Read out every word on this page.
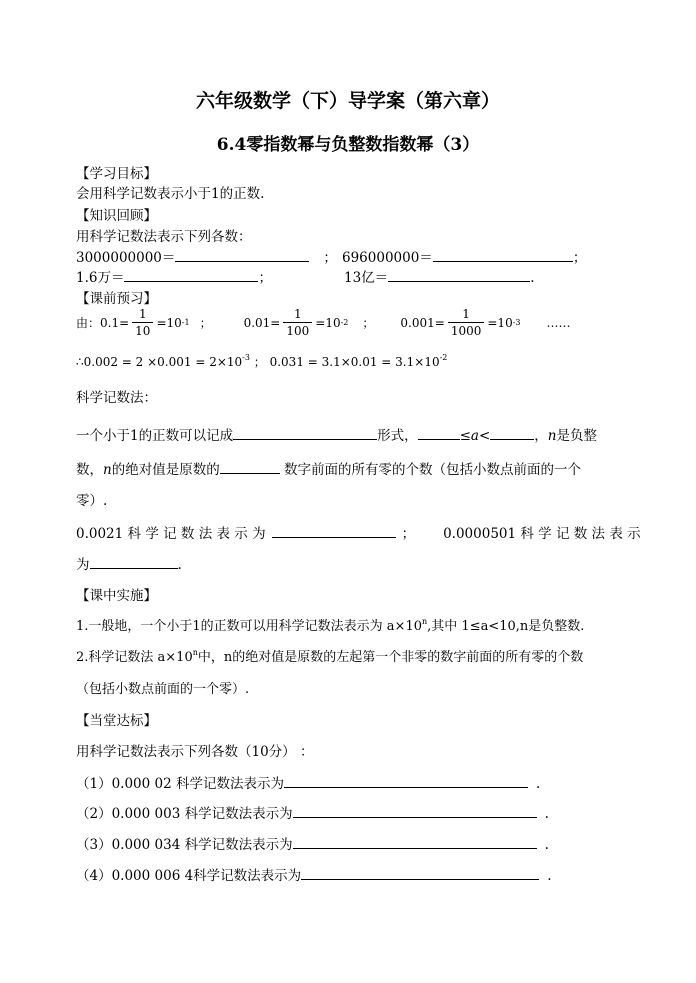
六年级数学（下）导学案（第六章）
6.4零指数幂与负整数指数幂（3）
【学习目标】
会用科学记数表示小于1的正数.
【知识回顾】
用科学记数法表示下列各数：
3000000000＝	； 696000000＝	；
1.6万＝	；	13亿＝	.
【课前预习】
由： $0.1= \frac{1}{10} =10$ -1 ；	$0.01= \frac{1}{100} =10$ -2 ； $0.001= \frac{1}{1000} =10$ -3 ……
∴0.002 = $2 \times 0.001 = 2\times 10^{-3}$ ； $0.031 = 3.1\times 0.01 = 3.1\times 10^{-2}$
科学记数法：
一个小于1的正数可以记成	形式，	≤a<	，n是负整
数，n的绝对值是原数的	数字前面的所有零的个数（包括小数点前面的一个
零）.
0.0021 科 学 记 数 法 表 示 为	； 0.0000501 科 学 记 数 法 表 示
为	.
【课中实施】
1.一般地，一个小于1的正数可以用科学记数法表示为 $a\times 10^n$,其中 1≤a<10,n是负整数.
2.科学记数法 $a\times 10^n$中，n的绝对值是原数的左起第一个非零的数字前面的所有零的个数
（包括小数点前面的一个零）.
【当堂达标】
用科学记数法表示下列各数（10分） ：
（1）0.000 02 科学记数法表示为	.
（2）0.000 003 科学记数法表示为	.
（3）0.000 034 科学记数法表示为	.
（4）0.000 006 4科学记数法表示为	.
